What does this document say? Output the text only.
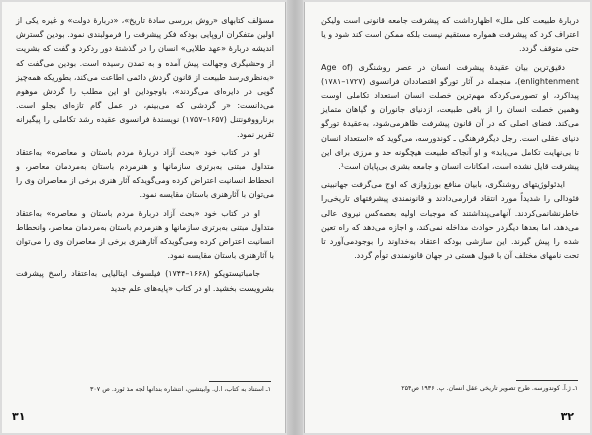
مسؤلف كتابهاى «روش بررسى سادهٔ تاريخ»، «دربارهٔ دولت» و غيره يكى از اولين متفكران اروپايى بودكه فكر پيشرفت را فرمولبندى نمود. بودين گسترش انديشه دربارهٔ «عهد طلايى» انسان را در گذشتهٔ دور ردكرد و گفت كه بشريت از وحشيگرى وجهالت پيش آمده و به تمدن رسيده است. بودين مى‌گفت كه «به‌نظرى‌رسد طبيعت از قانون گردش دائمى اطاعت مى‌كند، بطوريكه همه‌چيز گويى در دايره‌اى مى‌گردند»، باوجوداين او اين مطلب را گردش موهوم مى‌دانست: «ر گردشى كه مى‌بينم، در عمل گام تازه‌اى بجلو است. برنارووفونتنل (۱۶۵۷–۱۷۵۷) نويسندهٔ فرانسوى عقيده رشد تكاملى را پيگيرانه تقرير نمود.

او در كتاب خود «بحث آزاد دربارهٔ مردم باستان و معاصره» به‌اعتقاد متداول مبتنى به‌برترى سازمانها و هنرمردم باستان به‌مردمان معاصر، و انحطاط انسانيت اعتراض كرده ومى‌گويدكه آثار هنرى برخى از معاصران وى را مى‌توان با آثارهنرى باستان مقايسه نمود.

او در كتاب خود «بحث آزاد دربارهٔ مردم باستان و معاصره» به‌اعتقاد متداول مبتنى به‌برترى سازمانها و هنرمردم باستان به‌مردمان معاصر، وانحطاط انسانيت اعتراض كرده ومى‌گويدكه آثارهنرى برخى از معاصران وى را مى‌توان با آثارهنرى باستان مقايسه نمود.

جامباتيستويكو (۱۶۶۸–۱۷۴۴) فيلسوف ايتاليايى به‌اعتقاد راسخ پيشرفت بشرويست بخشيد. او در كتاب «پايه‌هاى علم جديد

۱ـ استناد به كتاب، ا.ل. وابيتشين، انتشاره بندانها لجه مذ ئورد. ص ۳۰۷
۳۱

دربارهٔ طبيعت كلى ملل» اظهارداشت كه پيشرفت جامعه قانونى است وليكن اعتراف كرد كه پيشرفت همواره مستقيم نيست بلكه ممكن است كند شود و يا حتى متوقف گردد.

دقيق‌ترين بيان عقيدهٔ پيشرفت انسان در عصر روشنگرى (Age of enlightenment)، منجمله در آثار تورگو اقتصاددان فرانسوى (۱۷۲۷–۱۷۸۱) پيداكرد، او تصورمى‌كردكه مهم‌ترين خصلت انسان استعداد تكاملى اوست وهمين خصلت انسان را از باقى طبيعت، ازدنياى جانوران و گياهان متمايز مى‌كند. فضاى اصلى كه در آن قانون پيشرفت ظاهرمى‌شود، به‌عقيدهٔ تورگو دنياى عقلى است. رجل ديگرفرهنگى ـ كوندورسه، مى‌گويد كه «استعداد انسان تا بى‌نهايت تكامل مى‌يابد» و او آنجاكه طبيعت هيچگونه حد و مرزى براى اين پيشرفت قايل نشده است، امكانات انسان و جامعه بشرى بى‌پايان است¹.

ايدئولوژيتهاى روشنگرى، بابيان منافع بورژوازى كه اوج مى‌گرفت جهانبينى فئودالى را شديداً مورد انتقاد قرارمى‌دادند و قانونمندى پيشرفتهاى تاريخى‌را خاطرنشانمى‌كردند. آنهامى‌پنداشتند كه موجبات اوليه بعصه‌كس نيروى عالى مى‌دهد، اما بعدها ديگردر حوادث مداخله نمى‌كند، و اجازه مى‌دهد كه راه تعين شده را پيش گيرند. اين سازشى بودكه اعتقاد به‌خداوند را بوجودمى‌آورد تا تحت نامهاى مختلف آن با قبول هستى در جهان قانونمندى توأم گردد.

۱ـ ژ.آ. كوندورسه. طرح تصوير تاريخى عقل انسان. پ. ۱۹۳۶ ص۲۵۴
۳۲
